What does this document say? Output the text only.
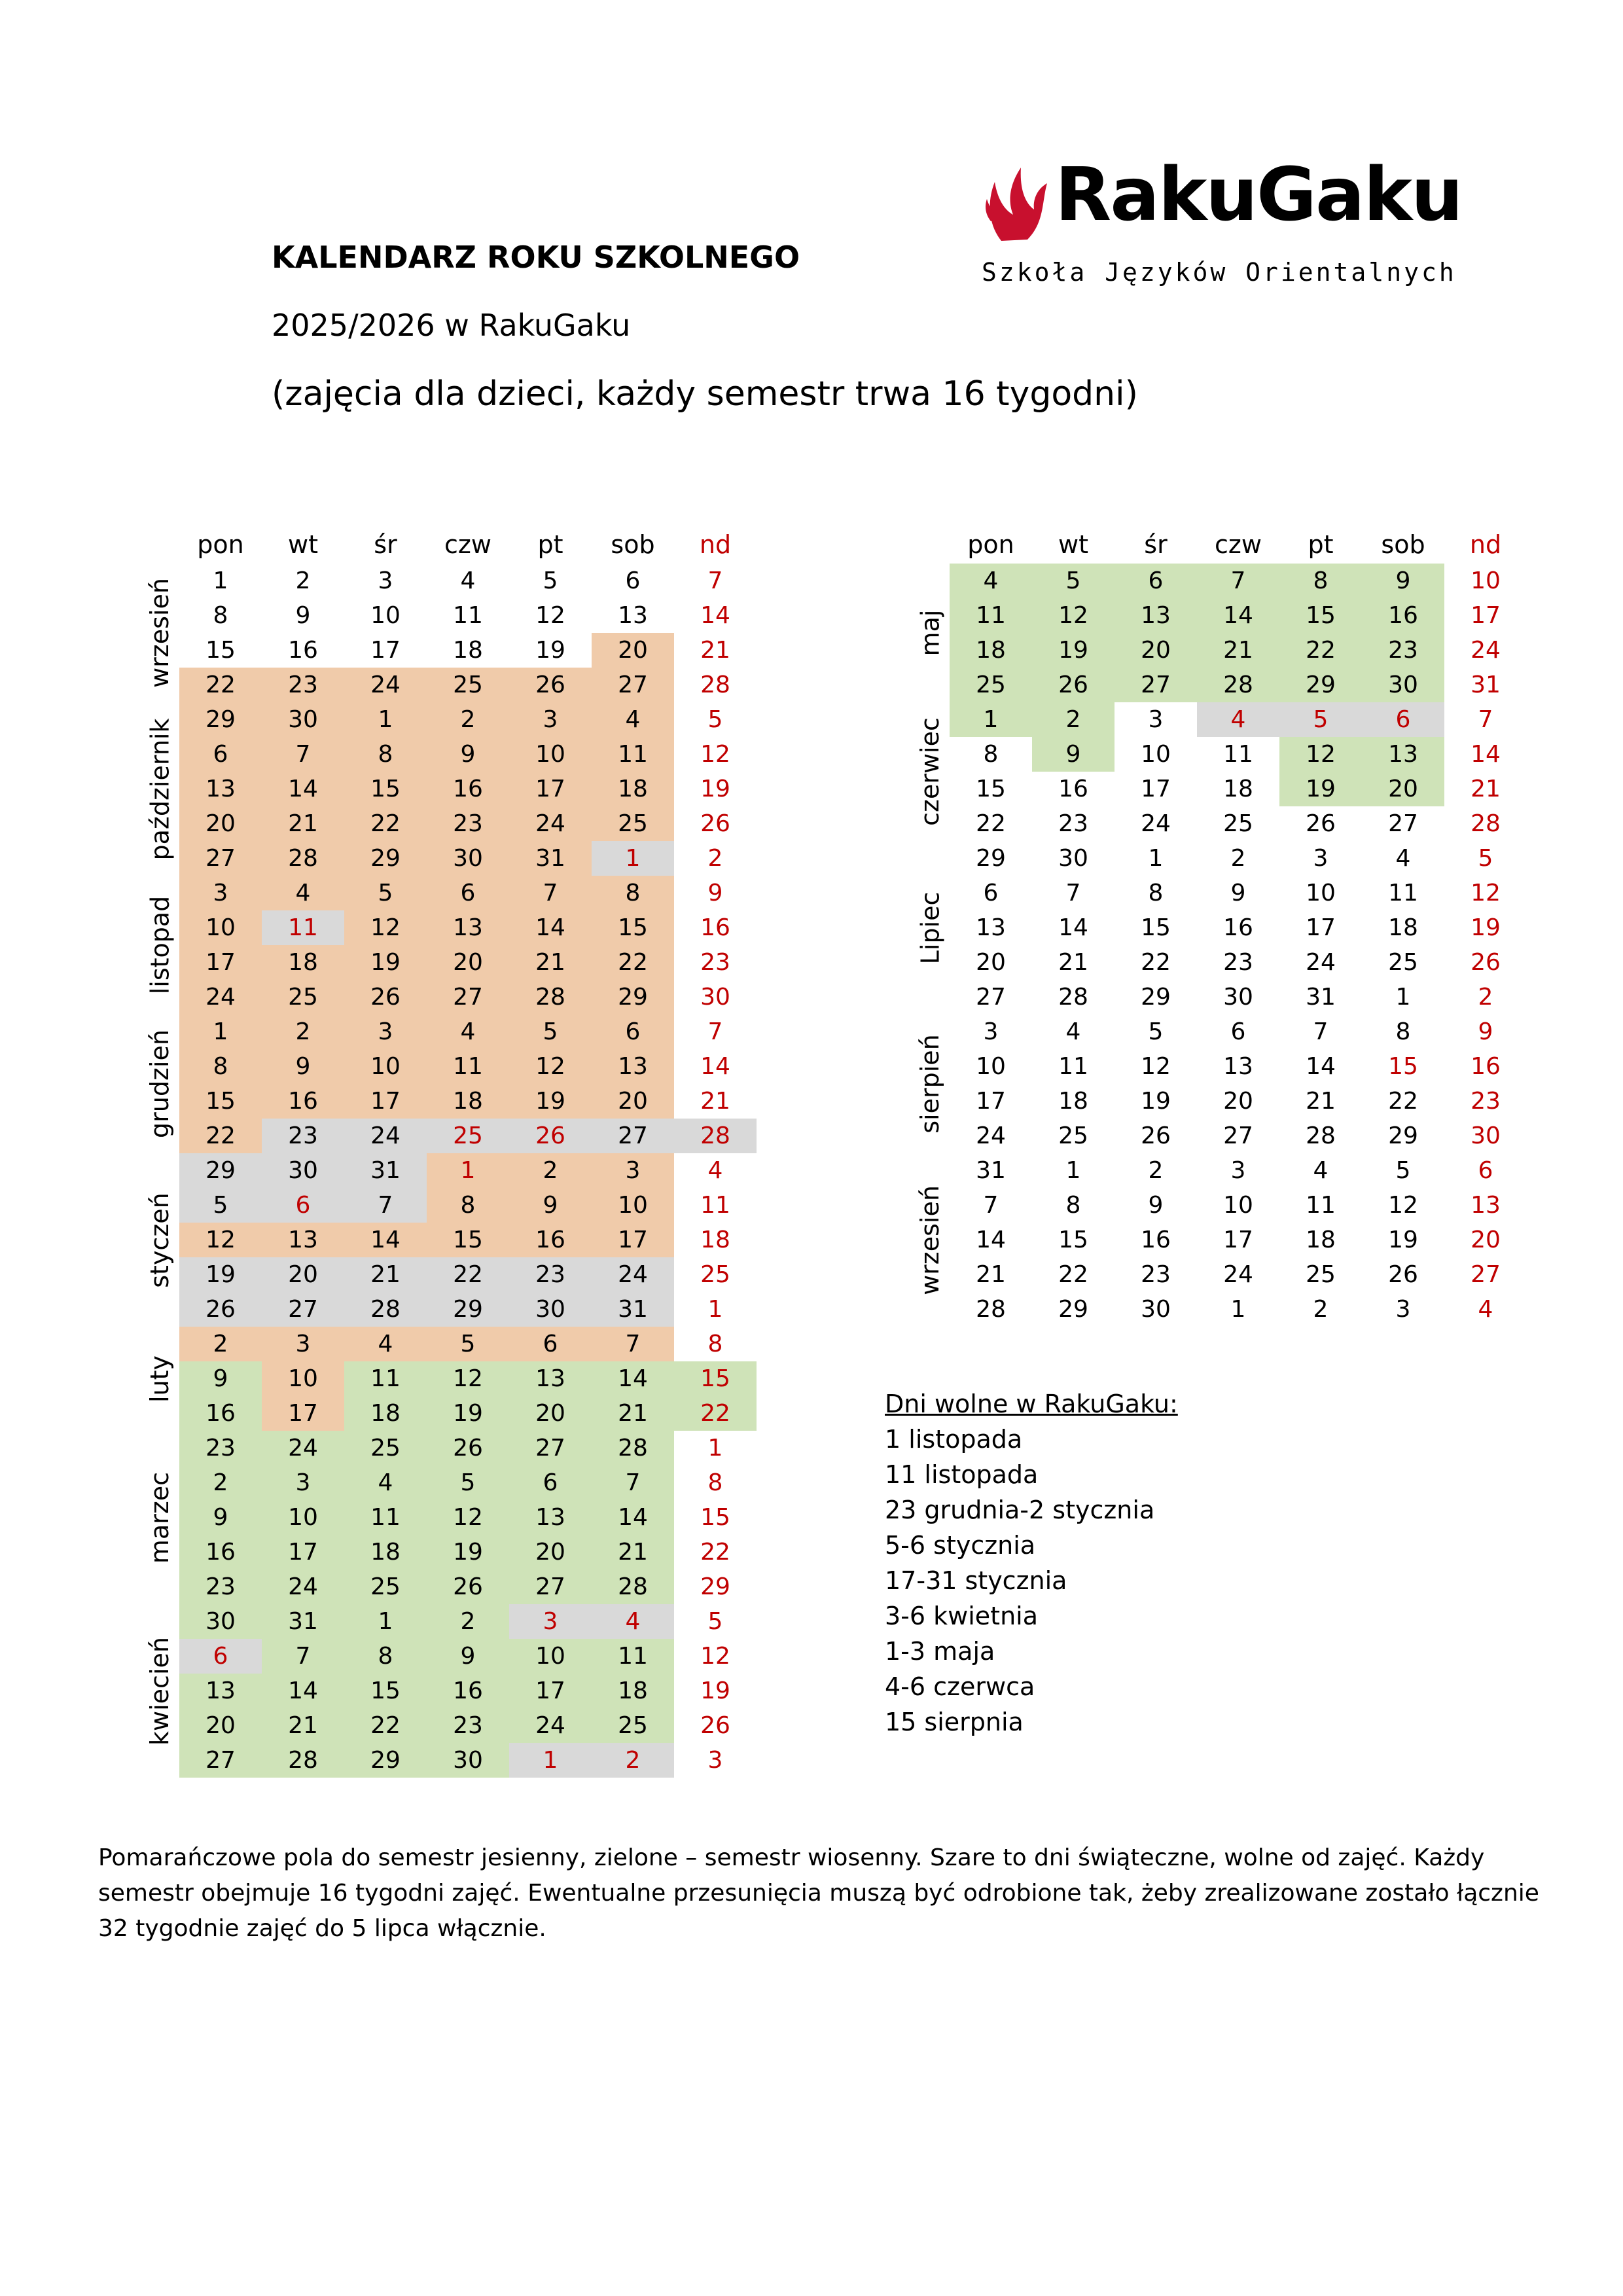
RakuGaku
Szkoła Języków Orientalnych
KALENDARZ ROKU SZKOLNEGO
2025/2026 w RakuGaku
(zajęcia dla dzieci, każdy semestr trwa 16 tygodni)
pon	wt	śr	czw	pt	sob	nd
1	2	3	4	5	6	7
8	9	10	11	12	13	14
15	16	17	18	19	20	21
22	23	24	25	26	27	28
29	30	1	2	3	4	5
6	7	8	9	10	11	12
13	14	15	16	17	18	19
20	21	22	23	24	25	26
27	28	29	30	31	1	2
3	4	5	6	7	8	9
10	11	12	13	14	15	16
17	18	19	20	21	22	23
24	25	26	27	28	29	30
1	2	3	4	5	6	7
8	9	10	11	12	13	14
15	16	17	18	19	20	21
22	23	24	25	26	27	28
29	30	31	1	2	3	4
5	6	7	8	9	10	11
12	13	14	15	16	17	18
19	20	21	22	23	24	25
26	27	28	29	30	31	1
2	3	4	5	6	7	8
9	10	11	12	13	14	15
16	17	18	19	20	21	22
23	24	25	26	27	28	1
2	3	4	5	6	7	8
9	10	11	12	13	14	15
16	17	18	19	20	21	22
23	24	25	26	27	28	29
30	31	1	2	3	4	5
6	7	8	9	10	11	12
13	14	15	16	17	18	19
20	21	22	23	24	25	26
27	28	29	30	1	2	3
wrzesień
październik
listopad
grudzień
styczeń
luty
marzec
kwiecień
pon	wt	śr	czw	pt	sob	nd
4	5	6	7	8	9	10
11	12	13	14	15	16	17
18	19	20	21	22	23	24
25	26	27	28	29	30	31
1	2	3	4	5	6	7
8	9	10	11	12	13	14
15	16	17	18	19	20	21
22	23	24	25	26	27	28
29	30	1	2	3	4	5
6	7	8	9	10	11	12
13	14	15	16	17	18	19
20	21	22	23	24	25	26
27	28	29	30	31	1	2
3	4	5	6	7	8	9
10	11	12	13	14	15	16
17	18	19	20	21	22	23
24	25	26	27	28	29	30
31	1	2	3	4	5	6
7	8	9	10	11	12	13
14	15	16	17	18	19	20
21	22	23	24	25	26	27
28	29	30	1	2	3	4
maj
czerwiec
Lipiec
sierpień
wrzesień
Dni wolne w RakuGaku:
1 listopada
11 listopada
23 grudnia-2 stycznia
5-6 stycznia
17-31 stycznia
3-6 kwietnia
1-3 maja
4-6 czerwca
15 sierpnia
Pomarańczowe pola do semestr jesienny, zielone – semestr wiosenny. Szare to dni świąteczne, wolne od zajęć. Każdy semestr obejmuje 16 tygodni zajęć. Ewentualne przesunięcia muszą być odrobione tak, żeby zrealizowane zostało łącznie 32 tygodnie zajęć do 5 lipca włącznie.
